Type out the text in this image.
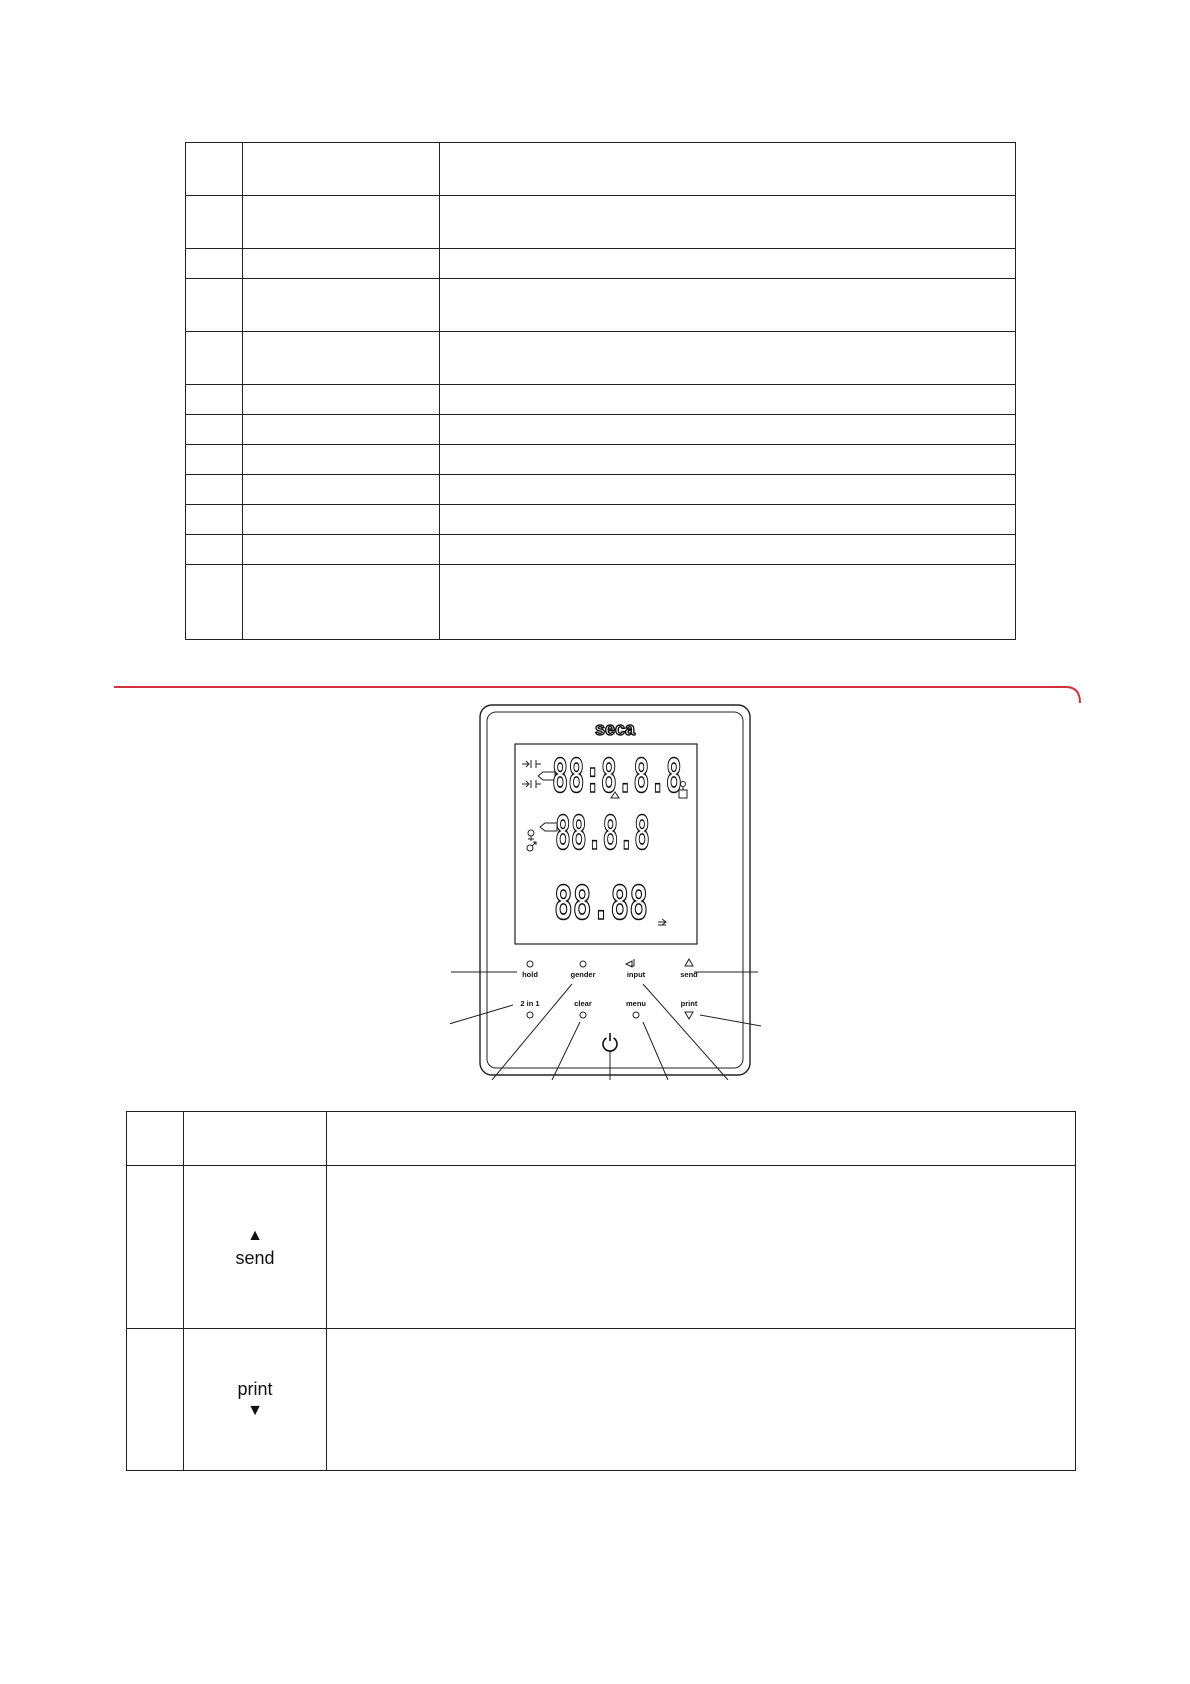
seca
88:8.8.8
88.8.8
88.88
hold	gender	input	send
2 in 1	clear	menu	print

	▲
send	

	print
▼	
